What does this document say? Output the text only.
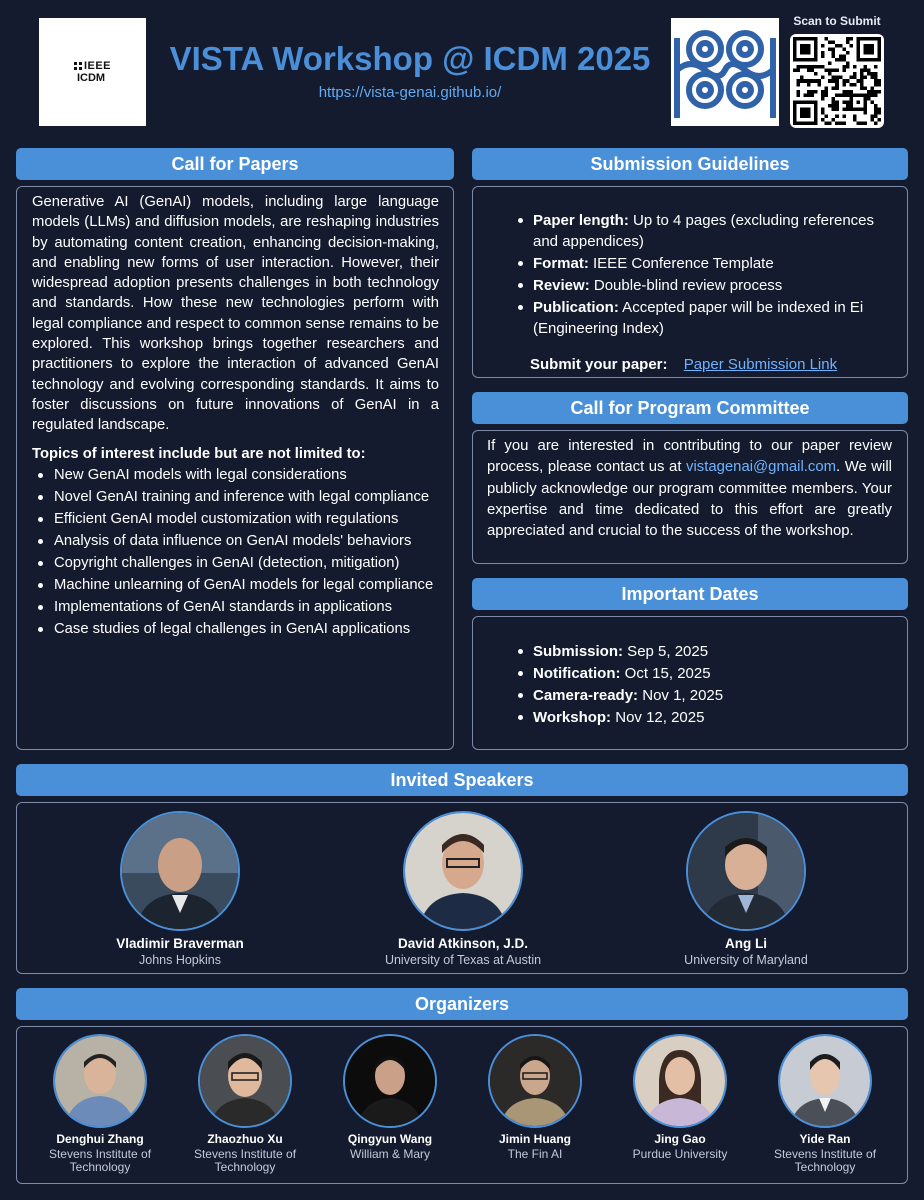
IEEE
ICDM
VISTA Workshop @ ICDM 2025
https://vista-genai.github.io/
Scan to Submit
Call for Papers

Generative AI (GenAI) models, including large language models (LLMs) and diffusion models, are reshaping industries by automating content creation, enhancing decision-making, and enabling new forms of user interaction. However, their widespread adoption presents challenges in both technology and standards. How these new technologies perform with legal compliance and respect to common sense remains to be explored. This workshop brings together researchers and practitioners to explore the interaction of advanced GenAI technology and evolving corresponding standards. It aims to foster discussions on future innovations of GenAI in a regulated landscape.

Topics of interest include but are not limited to:

New GenAI models with legal considerations
Novel GenAI training and inference with legal compliance
Efficient GenAI model customization with regulations
Analysis of data influence on GenAI models' behaviors
Copyright challenges in GenAI (detection, mitigation)
Machine unlearning of GenAI models for legal compliance
Implementations of GenAI standards in applications
Case studies of legal challenges in GenAI applications
Submission Guidelines
Paper length: Up to 4 pages (excluding references and appendices)
Format: IEEE Conference Template
Review: Double-blind review process
Publication: Accepted paper will be indexed in Ei (Engineering Index)
Submit your paper: Paper Submission Link
Call for Program Committee

If you are interested in contributing to our paper review process, please contact us at vistagenai@gmail.com. We will publicly acknowledge our program committee members. Your expertise and time dedicated to this effort are greatly appreciated and crucial to the success of the workshop.

Important Dates
Submission: Sep 5, 2025
Notification: Oct 15, 2025
Camera-ready: Nov 1, 2025
Workshop: Nov 12, 2025
Invited Speakers
Vladimir Braverman
Johns Hopkins
David Atkinson, J.D.
University of Texas at Austin
Ang Li
University of Maryland
Organizers
Denghui Zhang
Stevens Institute of Technology
Zhaozhuo Xu
Stevens Institute of Technology
Qingyun Wang
William & Mary
Jimin Huang
The Fin AI
Jing Gao
Purdue University
Yide Ran
Stevens Institute of Technology
